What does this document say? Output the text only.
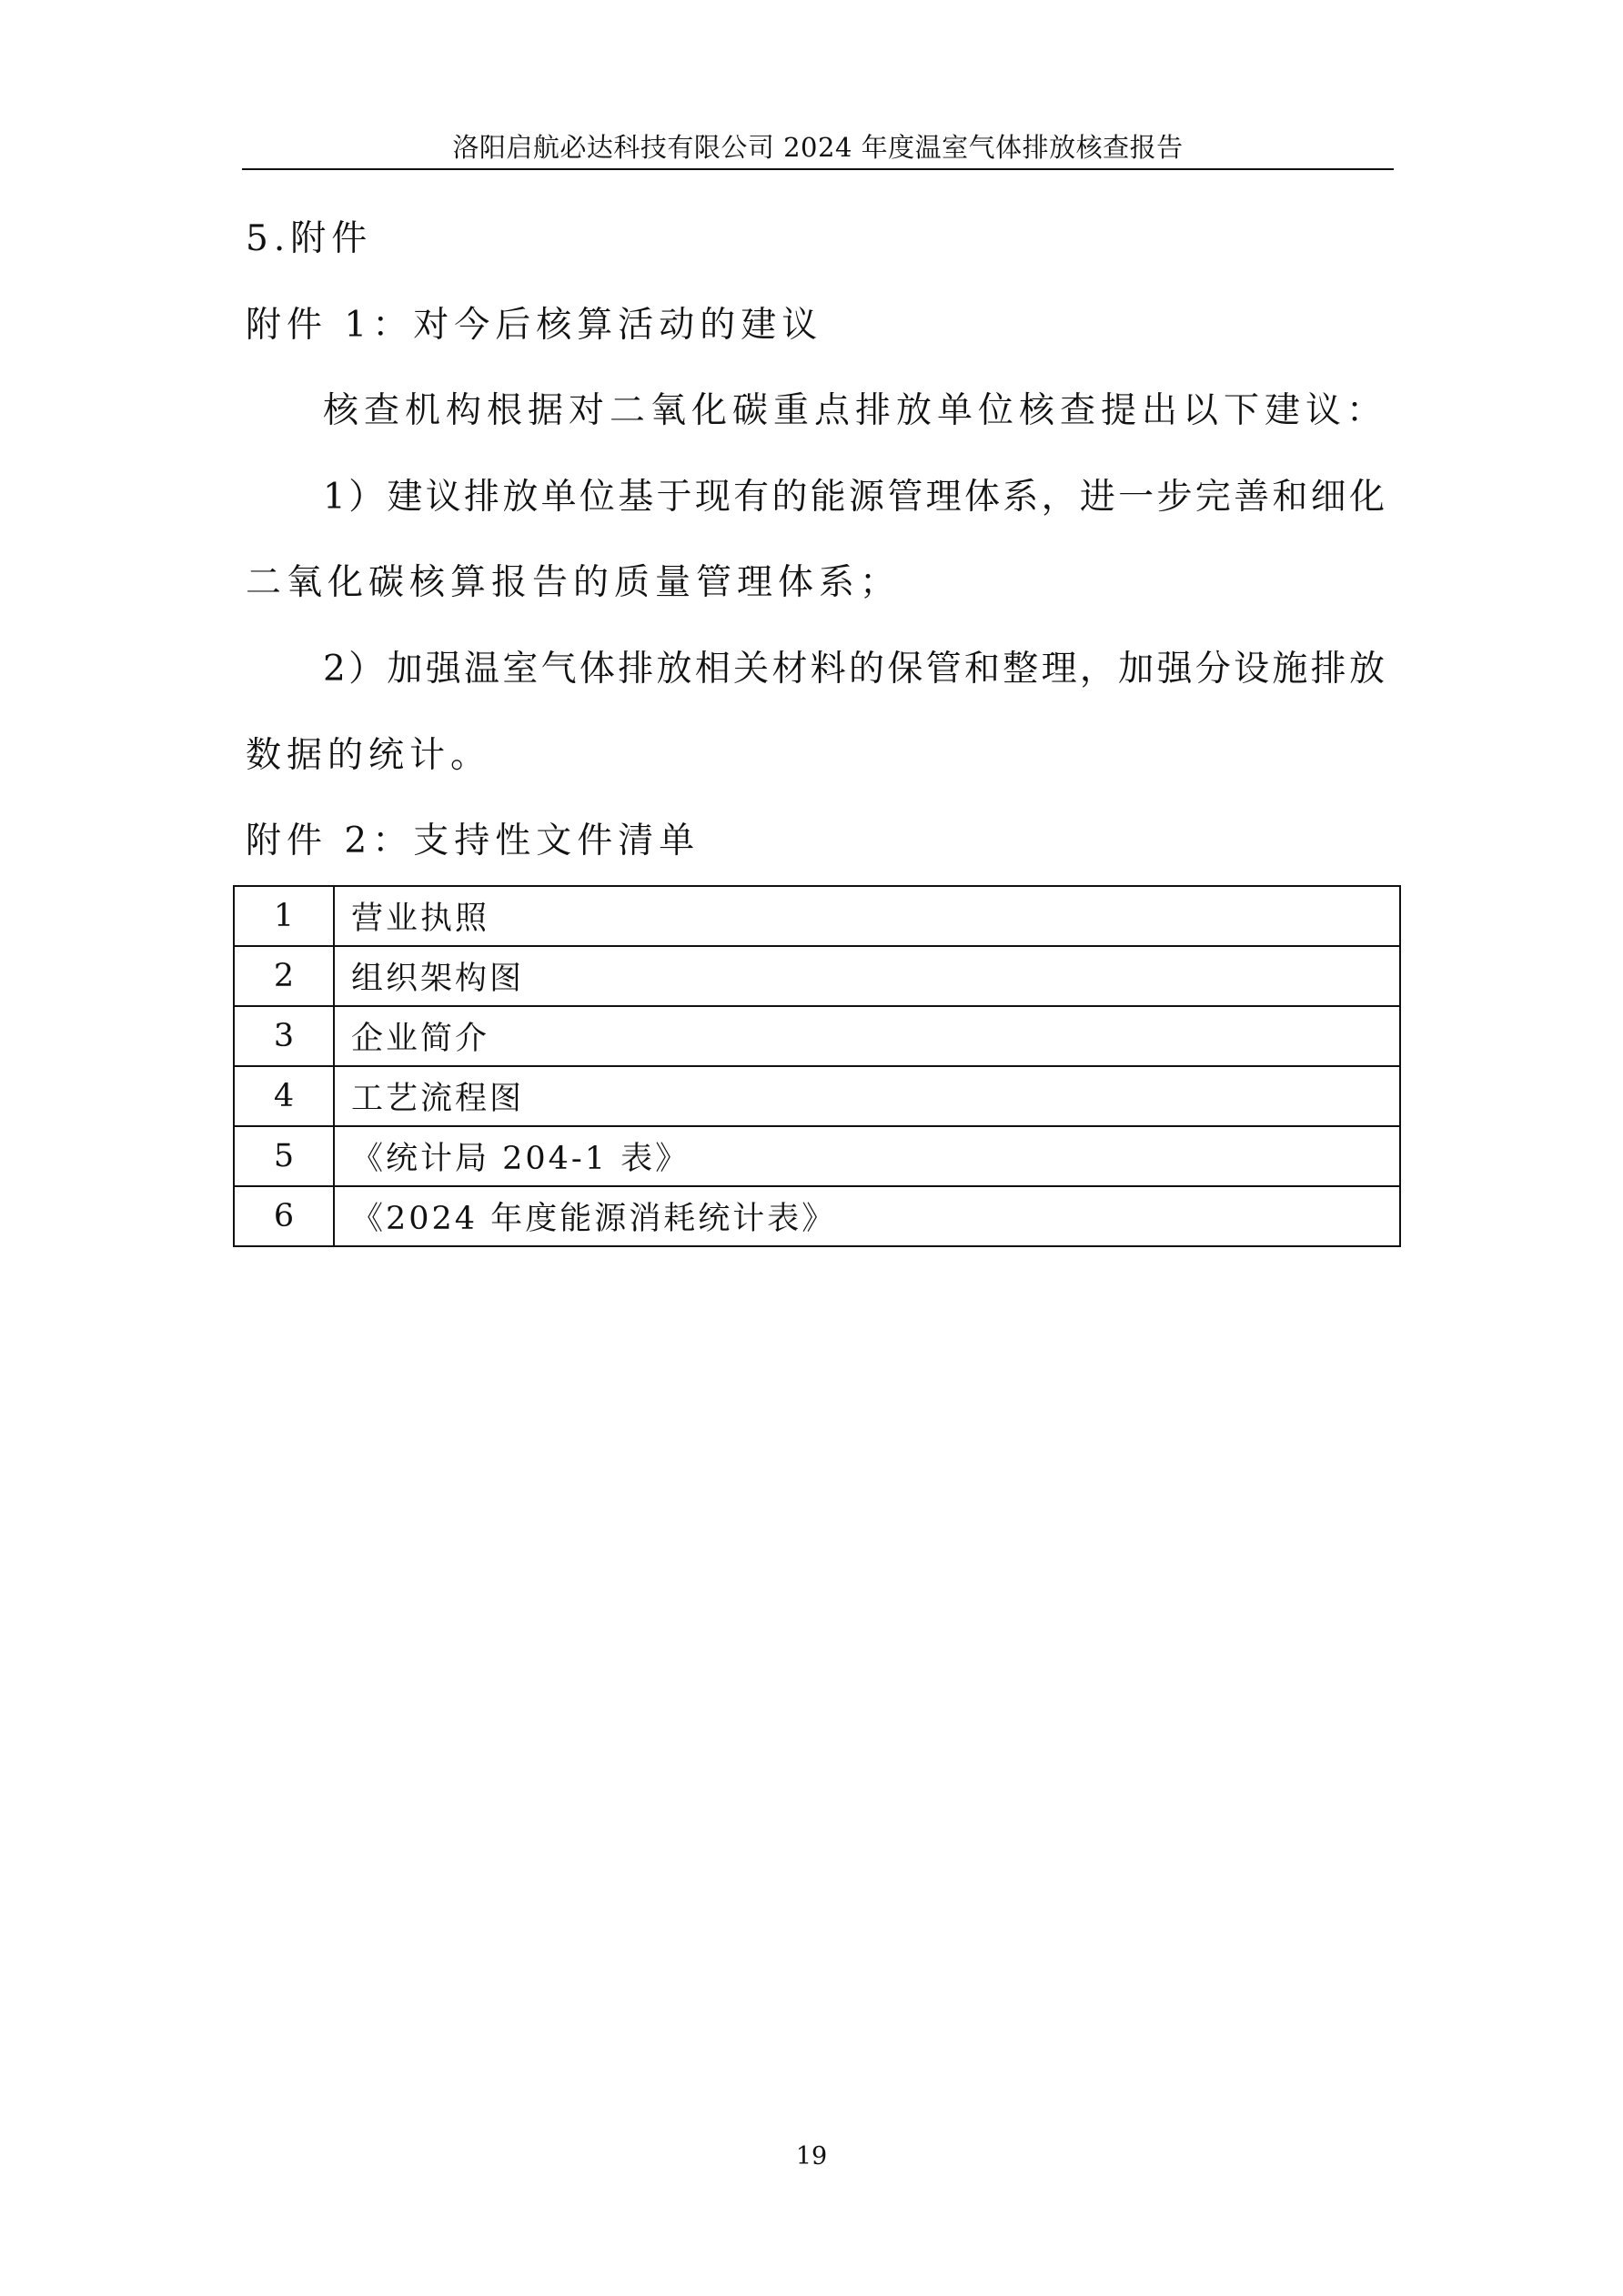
洛阳启航必达科技有限公司 2024 年度温室气体排放核查报告
5.附件
附件 1：对今后核算活动的建议
核查机构根据对二氧化碳重点排放单位核查提出以下建议：
1）建议排放单位基于现有的能源管理体系，进一步完善和细化
二氧化碳核算报告的质量管理体系；
2）加强温室气体排放相关材料的保管和整理，加强分设施排放
数据的统计。
附件 2：支持性文件清单
1	营业执照
2	组织架构图
3	企业简介
4	工艺流程图
5	《统计局 204-1 表》
6	《2024 年度能源消耗统计表》
19
